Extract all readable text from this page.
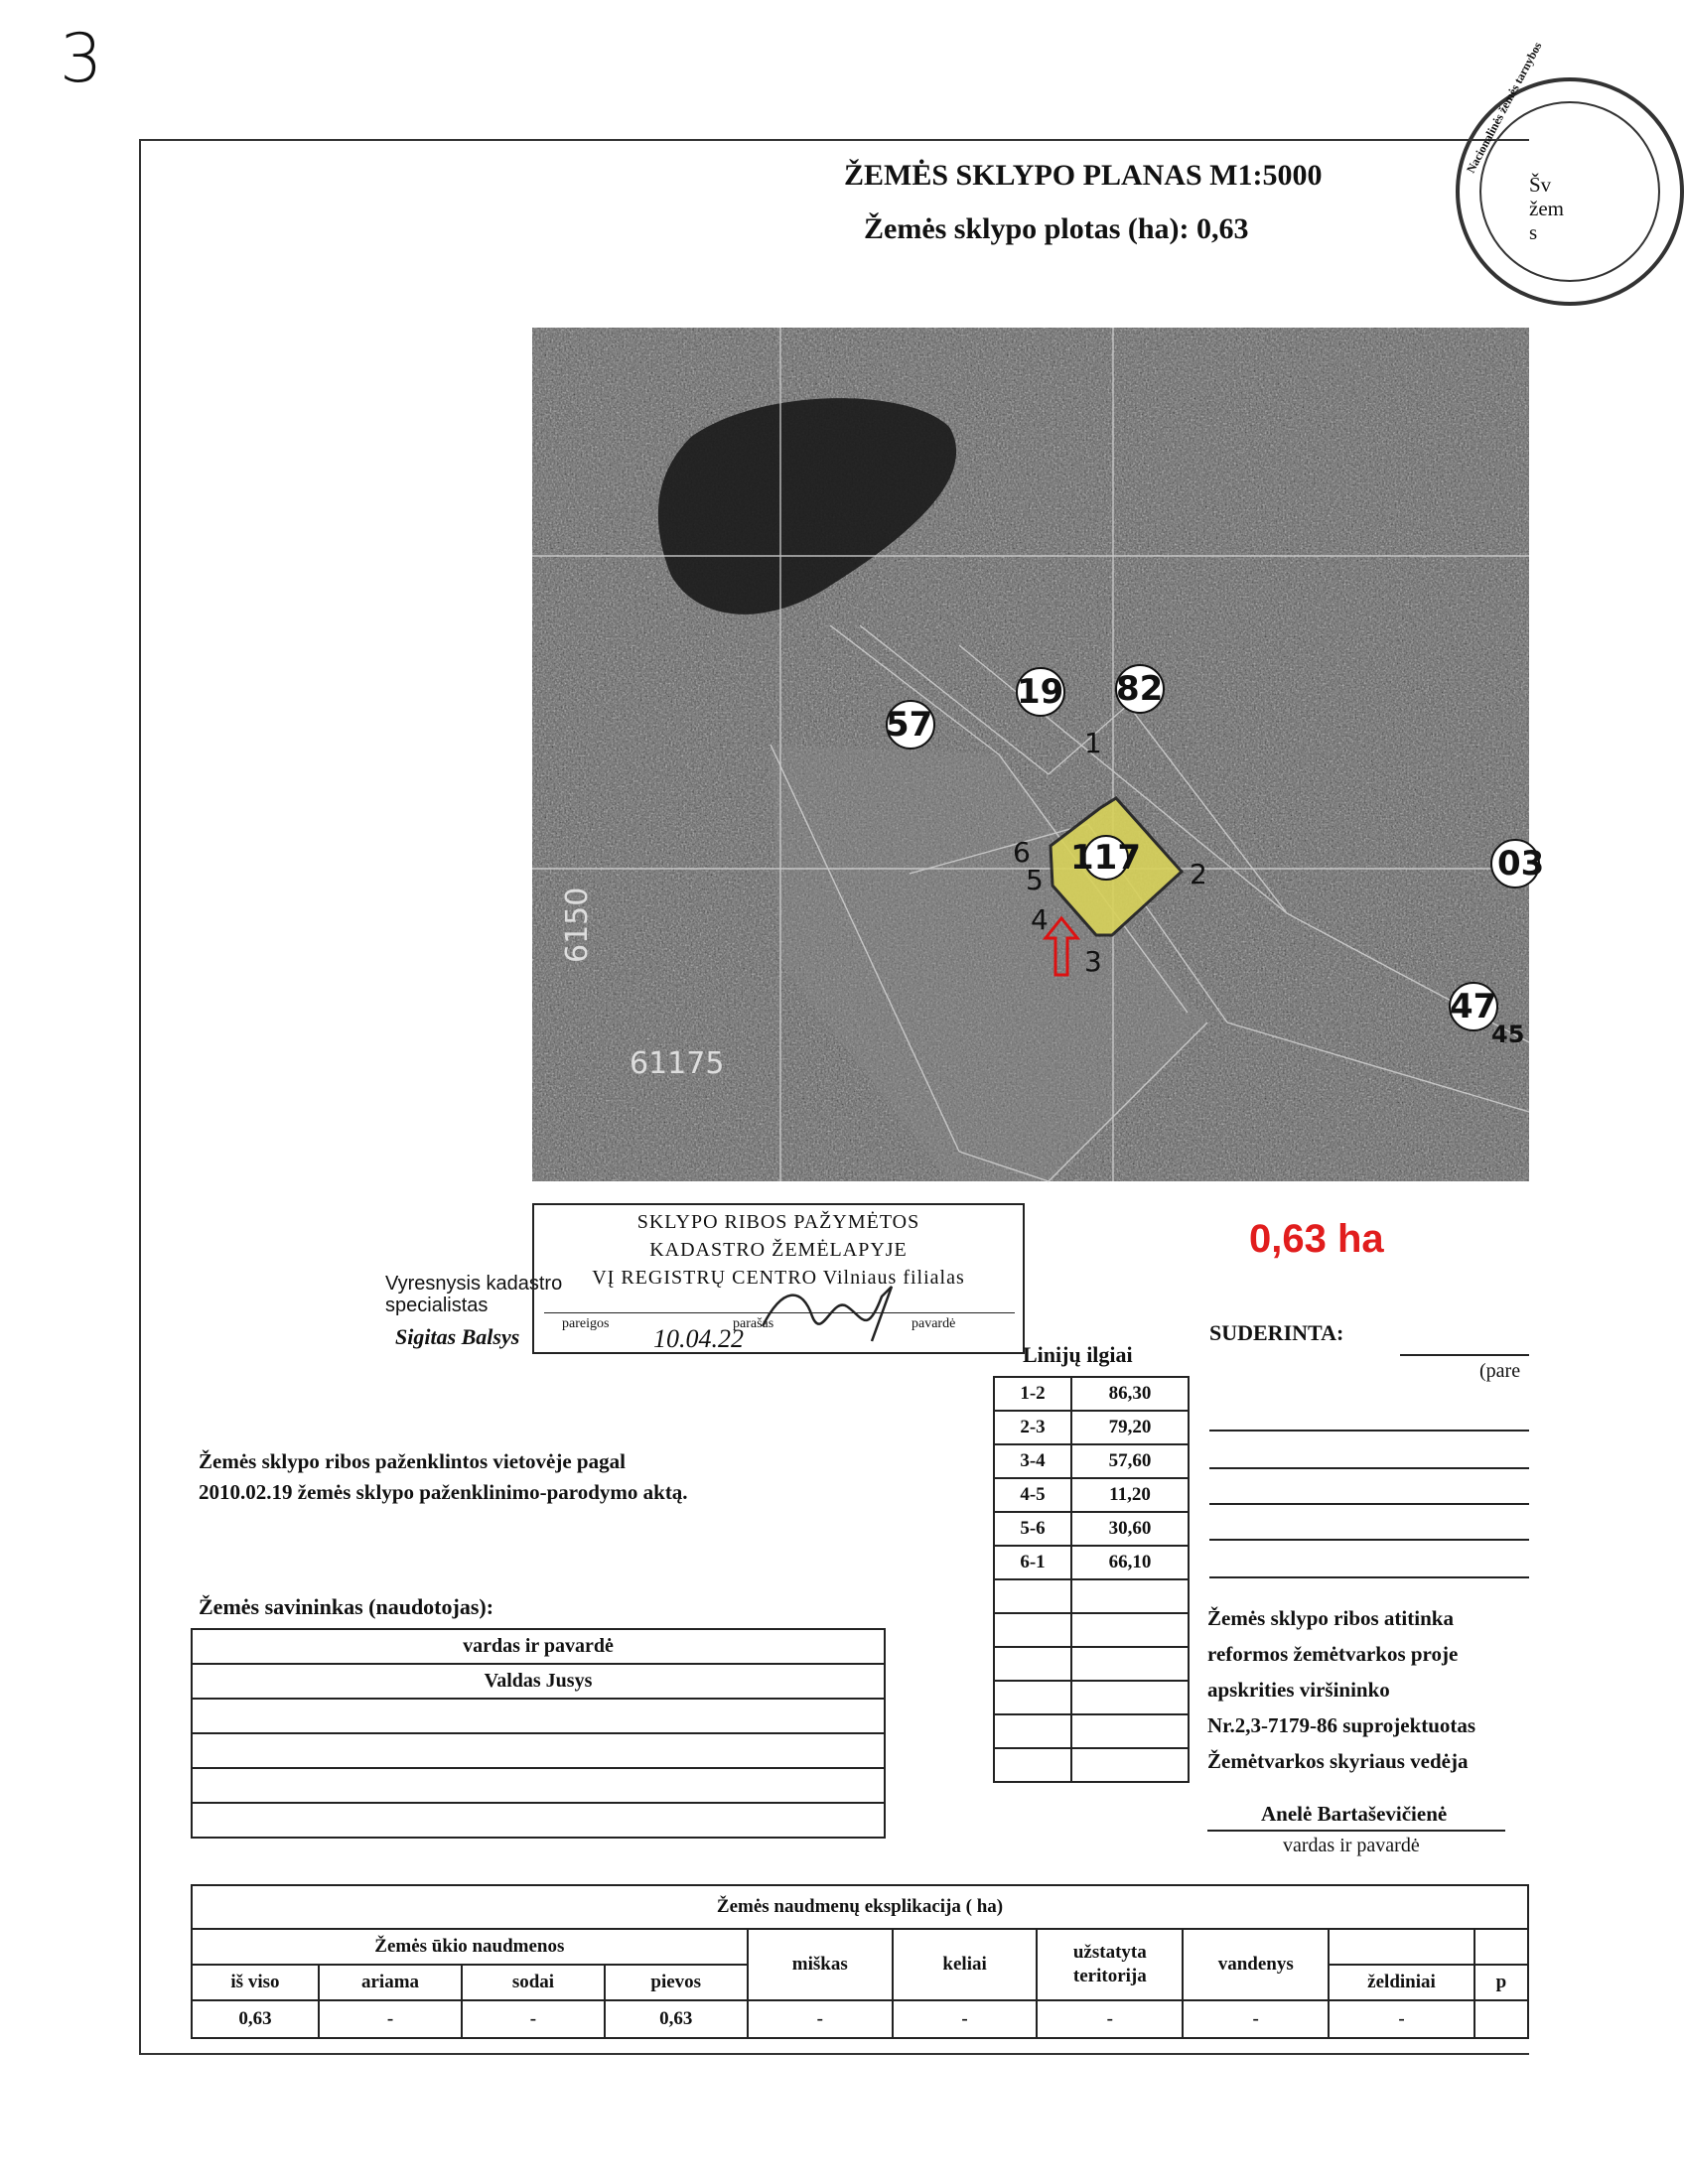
3
ŽEMĖS SKLYPO PLANAS M1:5000
Žemės sklypo plotas (ha): 0,63
Nacionalinės žemės tarnybos
Šv
žem
s
57
19 82
117	03
47
45
1
2
3
4
5
6
6150
61175
Vyresnysis kadastro
specialistas
Sigitas Balsys
SKLYPO RIBOS PAŽYMĖTOS
KADASTRO ŽEMĖLAPYJE
VĮ REGISTRŲ CENTRO Vilniaus filialas
pareigos	parašas	pavardė
10.04.22
0,63 ha
Linijų ilgiai
1-2	86,30
2-3	79,20
3-4	57,60
4-5	11,20
5-6	30,60
6-1	66,10

SUDERINTA:
(pare
Žemės sklypo ribos paženklintos vietovėje pagal
2010.02.19 žemės sklypo paženklinimo-parodymo aktą.
Žemės savininkas (naudotojas):
vardas ir pavardė
Valdas Jusys

Žemės sklypo ribos atitinka
reformos žemėtvarkos proje
apskrities viršininko
Nr.2,3-7179-86 suprojektuotas
Žemėtvarkos skyriaus vedėja
Anelė Bartaševičienė
vardas ir pavardė
Žemės naudmenų eksplikacija ( ha)									
Žemės ūkio naudmenos				miškas	keliai	užstatyta teritorija	vandenys		
iš viso	ariama	sodai	pievos					želdiniai	p
0,63	-	-	0,63	-	-	-	-	-	
